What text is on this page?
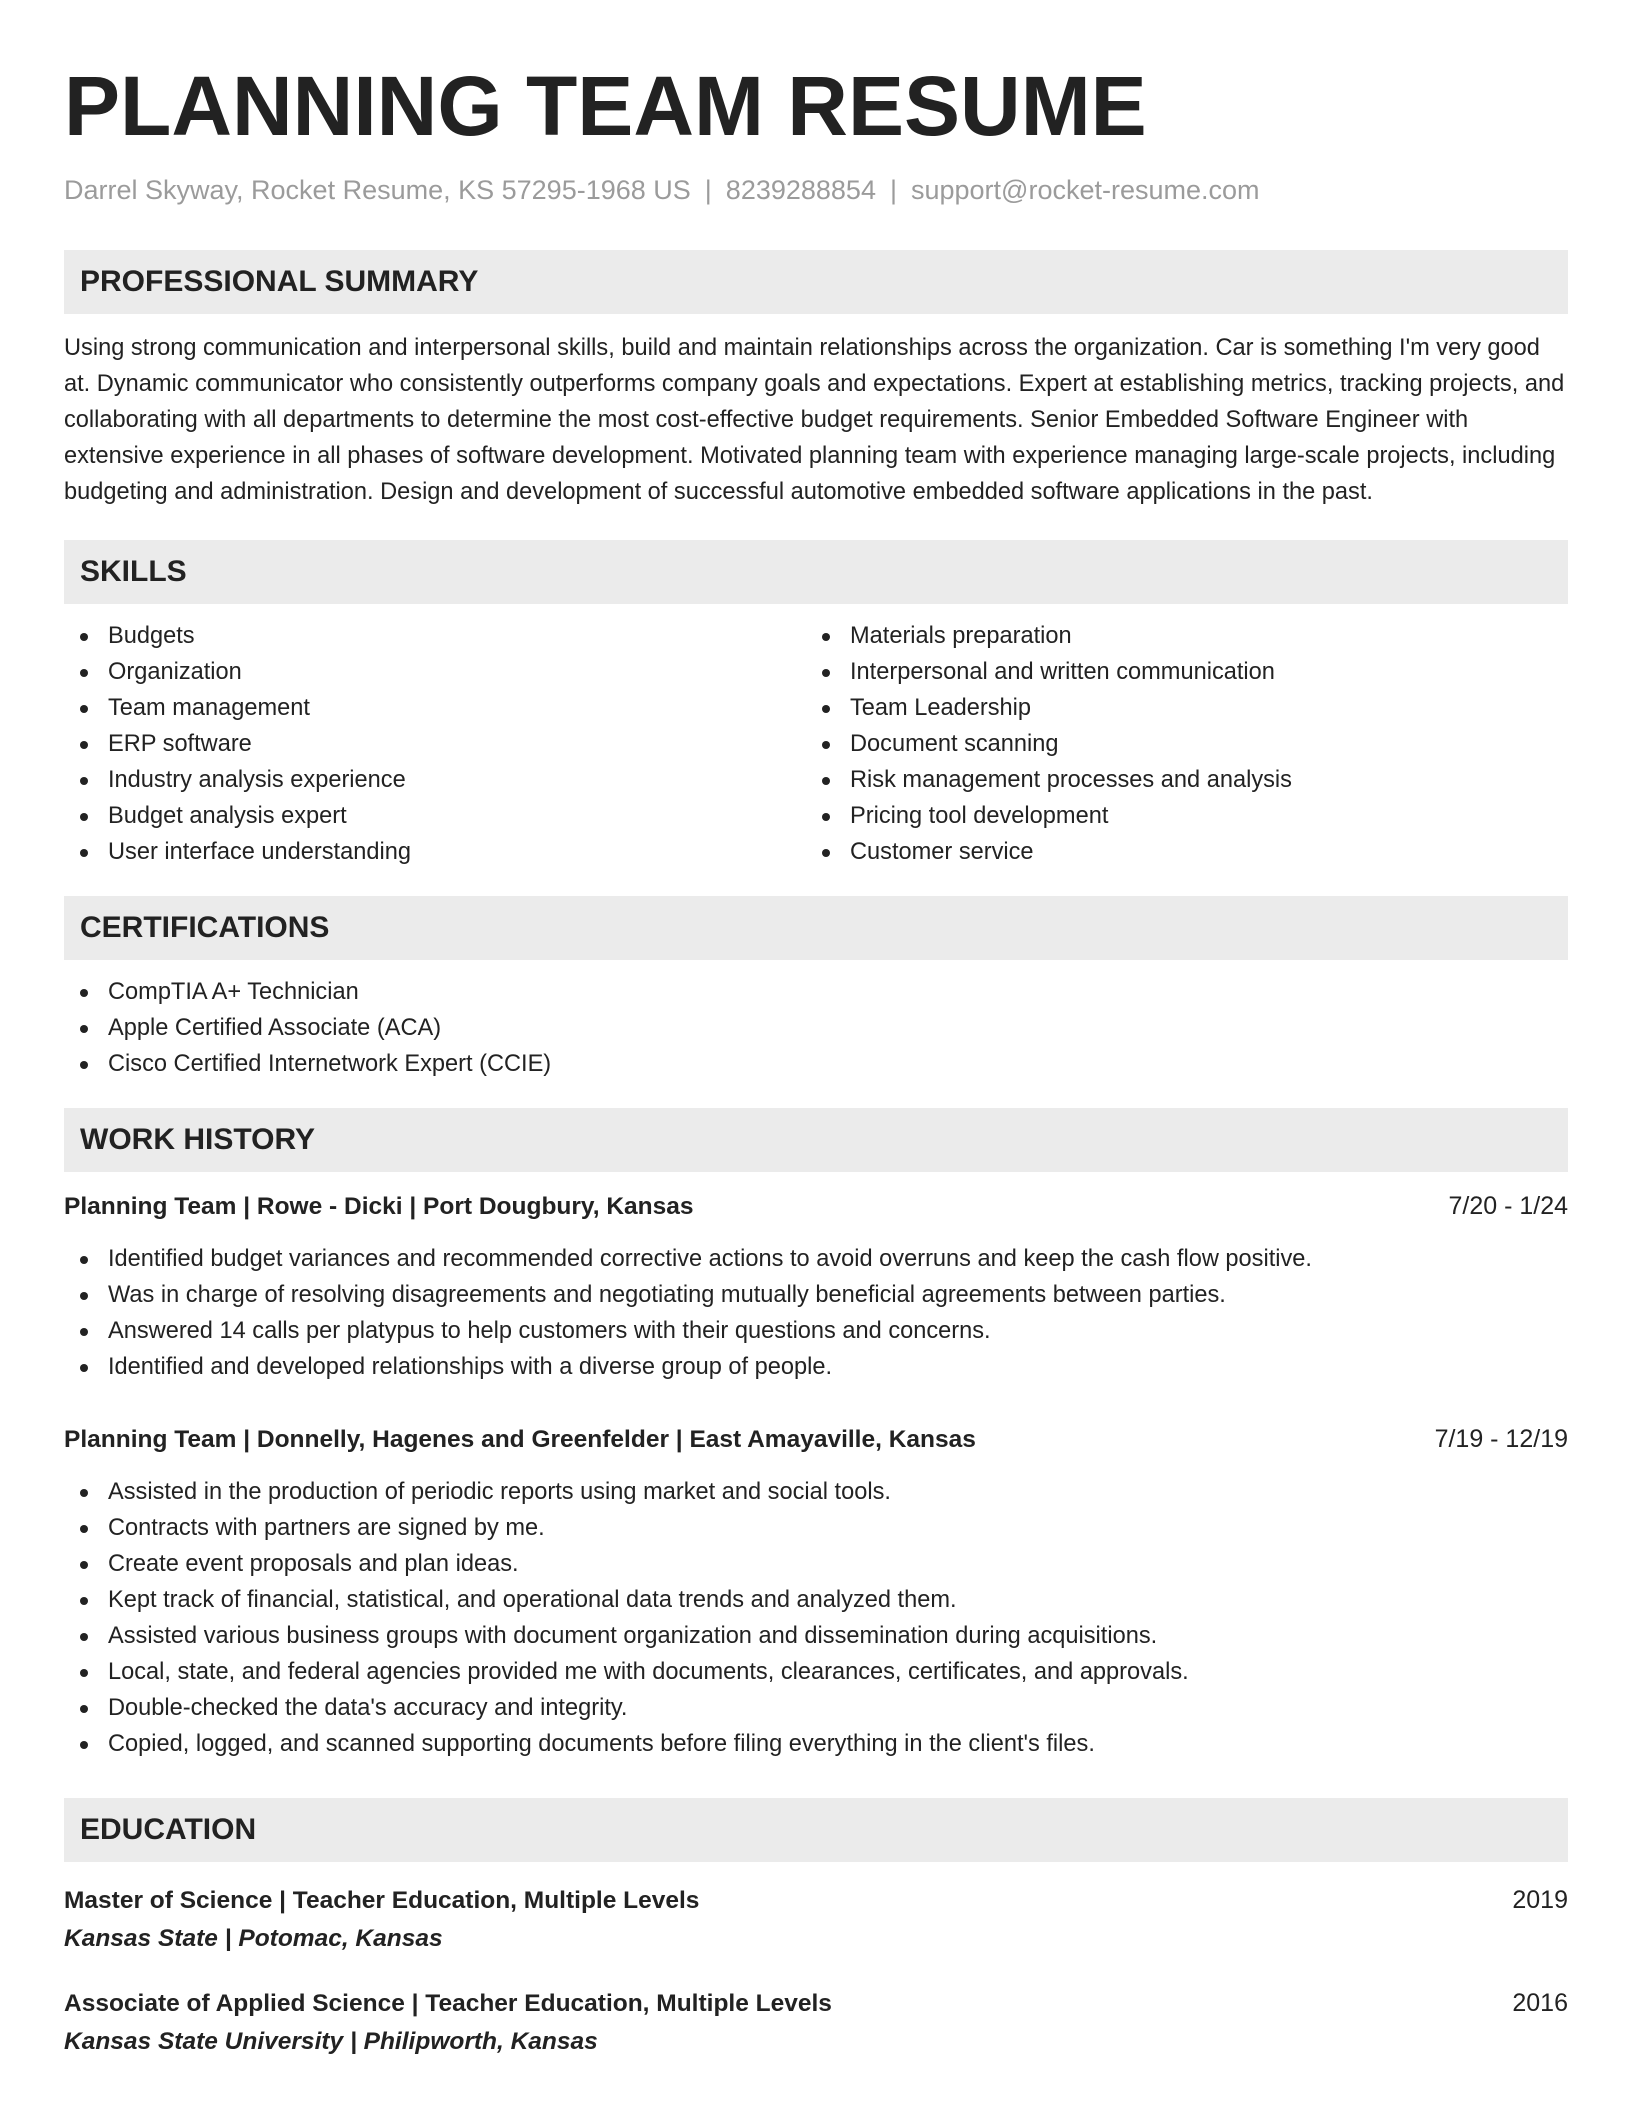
PLANNING TEAM RESUME
Darrel Skyway, Rocket Resume, KS 57295-1968 US | 8239288854 | support@rocket-resume.com
PROFESSIONAL SUMMARY

Using strong communication and interpersonal skills, build and maintain relationships across the organization. Car is something I'm very good at. Dynamic communicator who consistently outperforms company goals and expectations. Expert at establishing metrics, tracking projects, and collaborating with all departments to determine the most cost-effective budget requirements. Senior Embedded Software Engineer with extensive experience in all phases of software development. Motivated planning team with experience managing large-scale projects, including budgeting and administration. Design and development of successful automotive embedded software applications in the past.

SKILLS
Budgets
Organization
Team management
ERP software
Industry analysis experience
Budget analysis expert
User interface understanding
Materials preparation
Interpersonal and written communication
Team Leadership
Document scanning
Risk management processes and analysis
Pricing tool development
Customer service
CERTIFICATIONS
CompTIA A+ Technician
Apple Certified Associate (ACA)
Cisco Certified Internetwork Expert (CCIE)
WORK HISTORY
Planning Team | Rowe - Dicki | Port Dougbury, Kansas	7/20 - 1/24
Identified budget variances and recommended corrective actions to avoid overruns and keep the cash flow positive.
Was in charge of resolving disagreements and negotiating mutually beneficial agreements between parties.
Answered 14 calls per platypus to help customers with their questions and concerns.
Identified and developed relationships with a diverse group of people.
Planning Team | Donnelly, Hagenes and Greenfelder | East Amayaville, Kansas	7/19 - 12/19
Assisted in the production of periodic reports using market and social tools.
Contracts with partners are signed by me.
Create event proposals and plan ideas.
Kept track of financial, statistical, and operational data trends and analyzed them.
Assisted various business groups with document organization and dissemination during acquisitions.
Local, state, and federal agencies provided me with documents, clearances, certificates, and approvals.
Double-checked the data's accuracy and integrity.
Copied, logged, and scanned supporting documents before filing everything in the client's files.
EDUCATION
Master of Science | Teacher Education, Multiple Levels	2019
Kansas State | Potomac, Kansas
Associate of Applied Science | Teacher Education, Multiple Levels	2016
Kansas State University | Philipworth, Kansas
